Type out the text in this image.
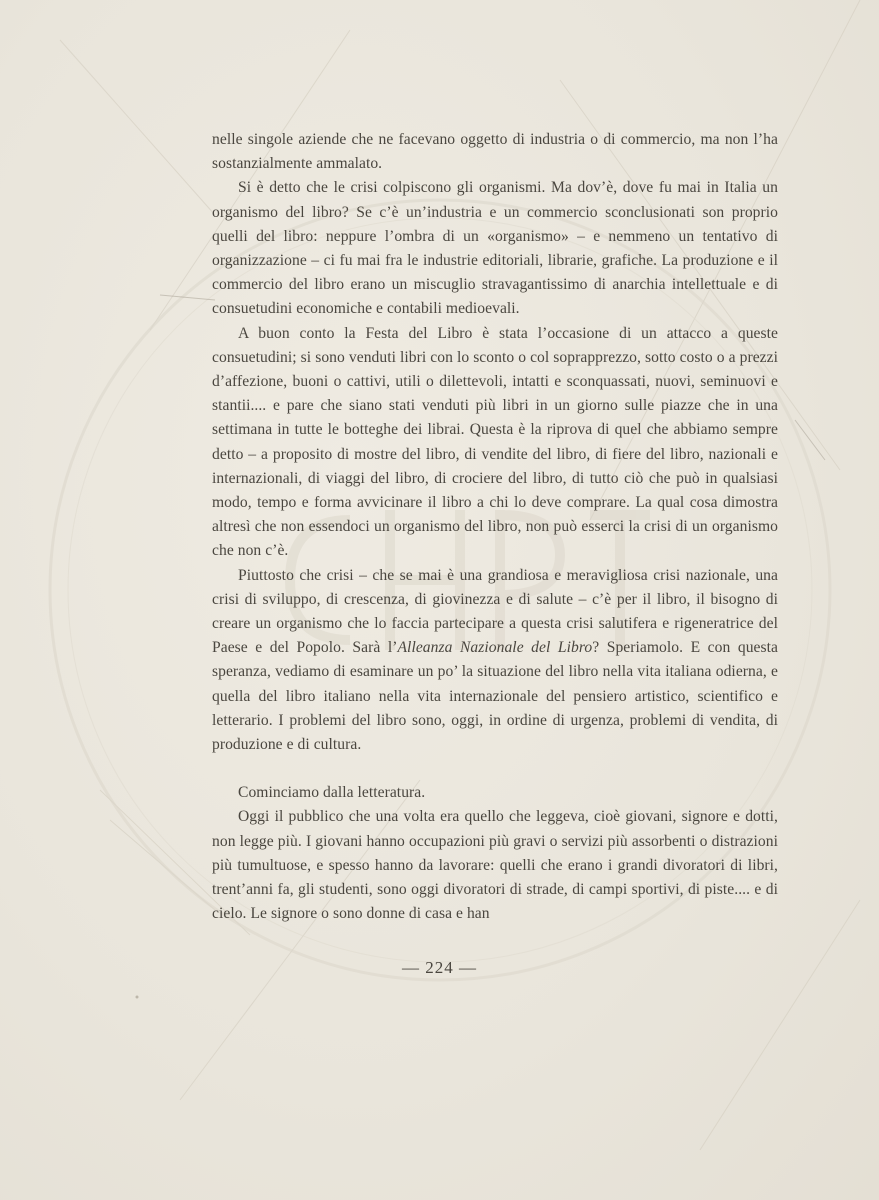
nelle singole aziende che ne facevano oggetto di industria o di commercio, ma non l’ha sostanzialmente ammalato.

Si è detto che le crisi colpiscono gli organismi. Ma dov’è, dove fu mai in Italia un organismo del libro? Se c’è un’industria e un commercio sconclusionati son proprio quelli del libro: neppure l’ombra di un «organismo» – e nemmeno un tentativo di organizzazione – ci fu mai fra le industrie editoriali, librarie, grafiche. La produzione e il commercio del libro erano un miscuglio stravagantissimo di anarchia intellettuale e di consuetudini economiche e contabili medioevali.

A buon conto la Festa del Libro è stata l’occasione di un attacco a queste consuetudini; si sono venduti libri con lo sconto o col soprapprezzo, sotto costo o a prezzi d’affezione, buoni o cattivi, utili o dilettevoli, intatti e sconquassati, nuovi, seminuovi e stantii.... e pare che siano stati venduti più libri in un giorno sulle piazze che in una settimana in tutte le botteghe dei librai. Questa è la riprova di quel che abbiamo sempre detto – a proposito di mostre del libro, di vendite del libro, di fiere del libro, nazionali e internazionali, di viaggi del libro, di crociere del libro, di tutto ciò che può in qualsiasi modo, tempo e forma avvicinare il libro a chi lo deve comprare. La qual cosa dimostra altresì che non essendoci un organismo del libro, non può esserci la crisi di un organismo che non c’è.

Piuttosto che crisi – che se mai è una grandiosa e meravigliosa crisi nazionale, una crisi di sviluppo, di crescenza, di giovinezza e di salute – c’è per il libro, il bisogno di creare un organismo che lo faccia partecipare a questa crisi salutifera e rigeneratrice del Paese e del Popolo. Sarà l’Alleanza Nazionale del Libro? Speriamolo. E con questa speranza, vediamo di esaminare un po’ la situazione del libro nella vita italiana odierna, e quella del libro italiano nella vita internazionale del pensiero artistico, scientifico e letterario. I problemi del libro sono, oggi, in ordine di urgenza, problemi di vendita, di produzione e di cultura.

Cominciamo dalla letteratura.

Oggi il pubblico che una volta era quello che leggeva, cioè giovani, signore e dotti, non legge più. I giovani hanno occupazioni più gravi o servizi più assorbenti o distrazioni più tumultuose, e spesso hanno da lavorare: quelli che erano i grandi divoratori di libri, trent’anni fa, gli studenti, sono oggi divoratori di strade, di campi sportivi, di piste.... e di cielo. Le signore o sono donne di casa e han

— 224 —
